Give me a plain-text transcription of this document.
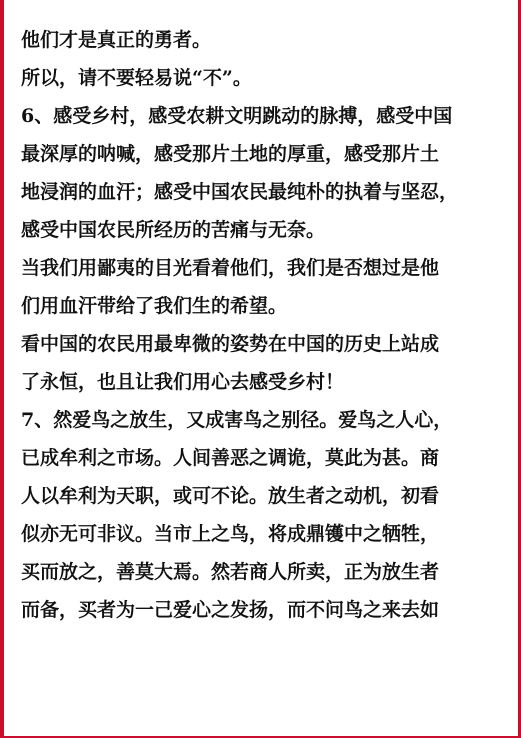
他们才是真正的勇者。
所以，请不要轻易说“不”。
6、感受乡村，感受农耕文明跳动的脉搏，感受中国
最深厚的呐喊，感受那片土地的厚重，感受那片土
地浸润的血汗；感受中国农民最纯朴的执着与坚忍，
感受中国农民所经历的苦痛与无奈。
当我们用鄙夷的目光看着他们，我们是否想过是他
们用血汗带给了我们生的希望。
看中国的农民用最卑微的姿势在中国的历史上站成
了永恒，也且让我们用心去感受乡村！
7、然爱鸟之放生，又成害鸟之别径。爱鸟之人心，
已成牟利之市场。人间善恶之调诡，莫此为甚。商
人以牟利为天职，或可不论。放生者之动机，初看
似亦无可非议。当市上之鸟，将成鼎镬中之牺牲，
买而放之，善莫大焉。然若商人所卖，正为放生者
而备，买者为一己爱心之发扬，而不问鸟之来去如
